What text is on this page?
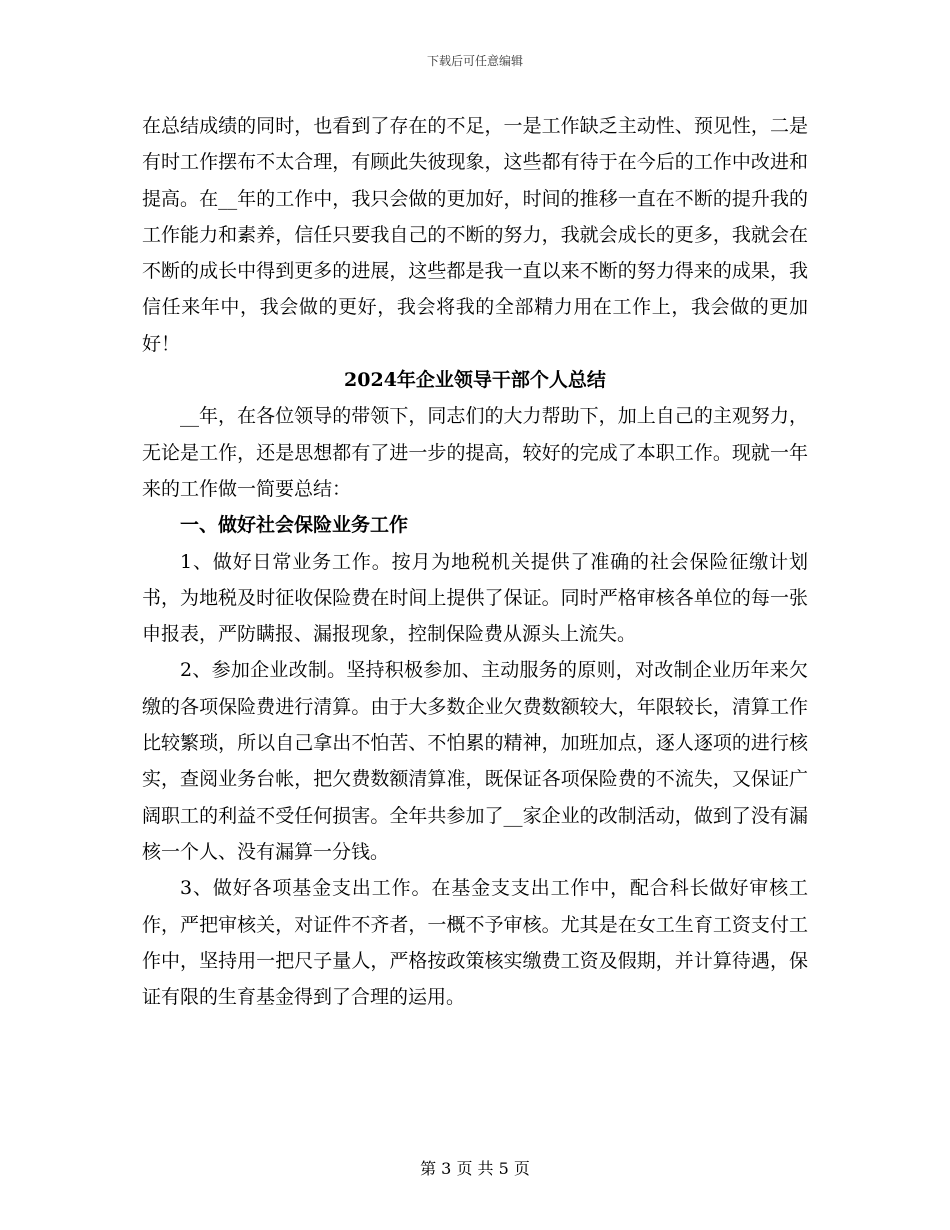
下载后可任意编辑

在总结成绩的同时，也看到了存在的不足，一是工作缺乏主动性、预见性，二是有时工作摆布不太合理，有顾此失彼现象，这些都有待于在今后的工作中改进和提高。在__年的工作中，我只会做的更加好，时间的推移一直在不断的提升我的工作能力和素养，信任只要我自己的不断的努力，我就会成长的更多，我就会在不断的成长中得到更多的进展，这些都是我一直以来不断的努力得来的成果，我信任来年中，我会做的更好，我会将我的全部精力用在工作上，我会做的更加好！

2024年企业领导干部个人总结

__年，在各位领导的带领下，同志们的大力帮助下，加上自己的主观努力，无论是工作，还是思想都有了进一步的提高，较好的完成了本职工作。现就一年来的工作做一简要总结：

一、做好社会保险业务工作

1、做好日常业务工作。按月为地税机关提供了准确的社会保险征缴计划书，为地税及时征收保险费在时间上提供了保证。同时严格审核各单位的每一张申报表，严防瞒报、漏报现象，控制保险费从源头上流失。

2、参加企业改制。坚持积极参加、主动服务的原则，对改制企业历年来欠缴的各项保险费进行清算。由于大多数企业欠费数额较大，年限较长，清算工作比较繁琐，所以自己拿出不怕苦、不怕累的精神，加班加点，逐人逐项的进行核实，查阅业务台帐，把欠费数额清算准，既保证各项保险费的不流失，又保证广阔职工的利益不受任何损害。全年共参加了__家企业的改制活动，做到了没有漏核一个人、没有漏算一分钱。

3、做好各项基金支出工作。在基金支支出工作中，配合科长做好审核工作，严把审核关，对证件不齐者，一概不予审核。尤其是在女工生育工资支付工作中，坚持用一把尺子量人，严格按政策核实缴费工资及假期，并计算待遇，保证有限的生育基金得到了合理的运用。

第 3 页 共 5 页
